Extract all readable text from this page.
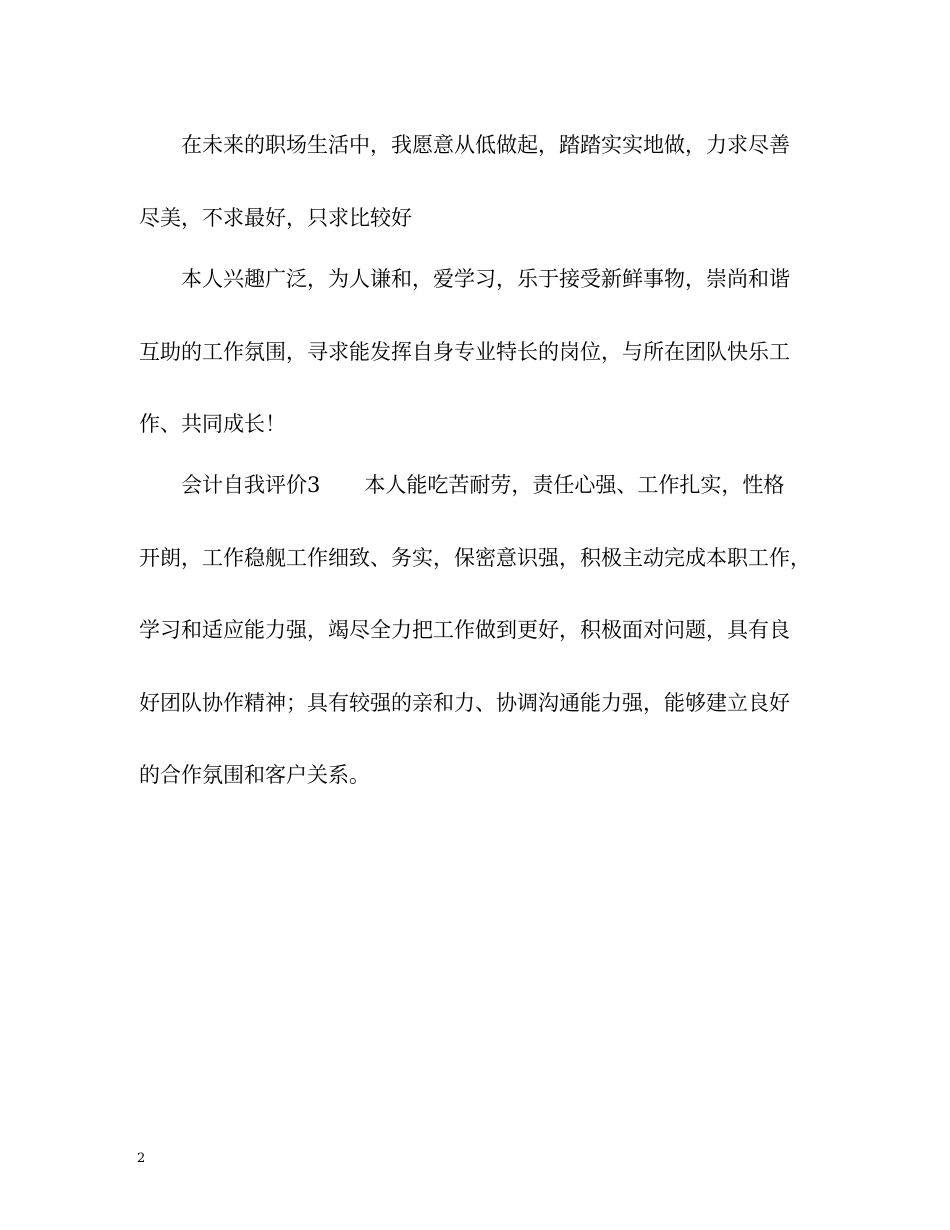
在未来的职场生活中，我愿意从低做起，踏踏实实地做，力求尽善
尽美，不求最好，只求比较好
本人兴趣广泛，为人谦和，爱学习，乐于接受新鲜事物，崇尚和谐
互助的工作氛围，寻求能发挥自身专业特长的岗位，与所在团队快乐工
作、共同成长！
会计自我评价3 本人能吃苦耐劳，责任心强、工作扎实，性格
开朗，工作稳舰工作细致、务实，保密意识强，积极主动完成本职工作，
学习和适应能力强，竭尽全力把工作做到更好，积极面对问题，具有良
好团队协作精神；具有较强的亲和力、协调沟通能力强，能够建立良好
的合作氛围和客户关系。
2
